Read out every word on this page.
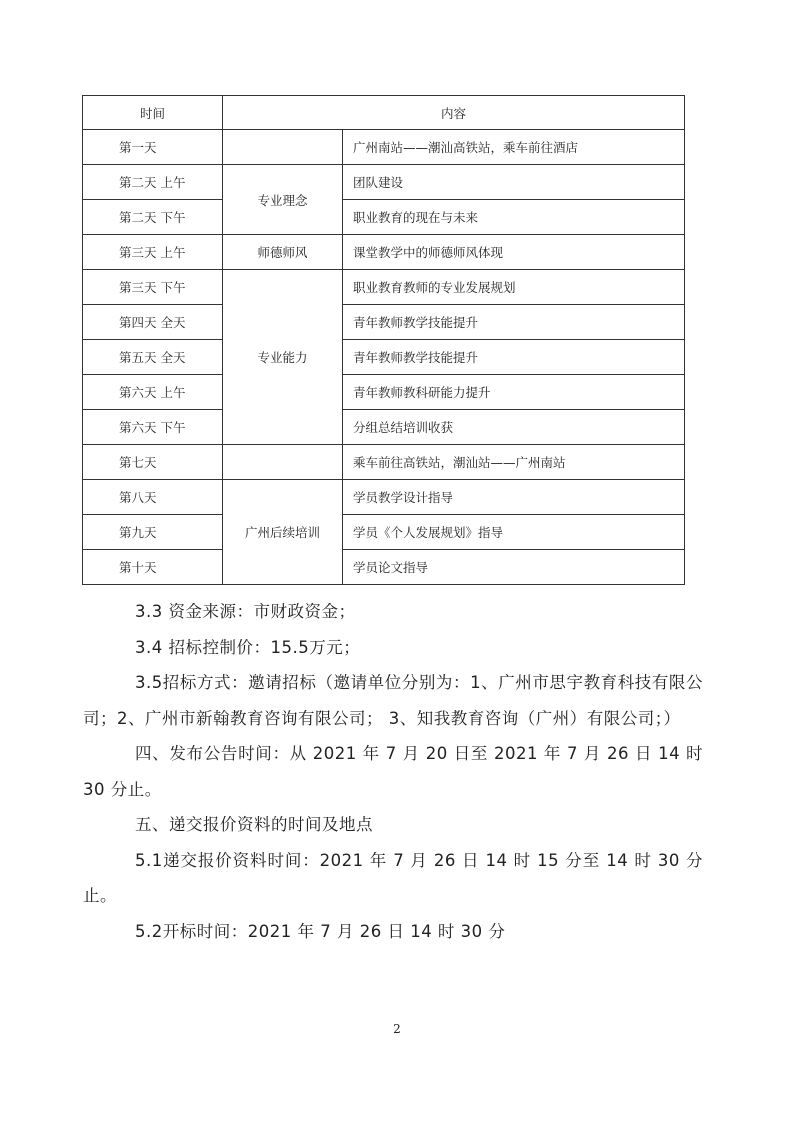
时间	内容	
第一天		广州南站——潮汕高铁站，乘车前往酒店
第二天 上午	专业理念	团队建设
第二天 下午		职业教育的现在与未来
第三天 上午	师德师风	课堂教学中的师德师风体现
第三天 下午	专业能力	职业教育教师的专业发展规划
第四天 全天		青年教师教学技能提升
第五天 全天		青年教师教学技能提升
第六天 上午		青年教师教科研能力提升
第六天 下午		分组总结培训收获
第七天		乘车前往高铁站，潮汕站——广州南站
第八天	广州后续培训	学员教学设计指导
第九天		学员《个人发展规划》指导
第十天		学员论文指导

3.3 资金来源：市财政资金；

3.4 招标控制价：15.5万元；

3.5招标方式：邀请招标（邀请单位分别为：1、广州市思宇教育科技有限公司；2、广州市新翰教育咨询有限公司； 3、知我教育咨询（广州）有限公司；）

四、发布公告时间：从 2021 年 7 月 20 日至 2021 年 7 月 26 日 14 时 30 分止。

五、递交报价资料的时间及地点

5.1递交报价资料时间：2021 年 7 月 26 日 14 时 15 分至 14 时 30 分止。

5.2开标时间：2021 年 7 月 26 日 14 时 30 分

2
